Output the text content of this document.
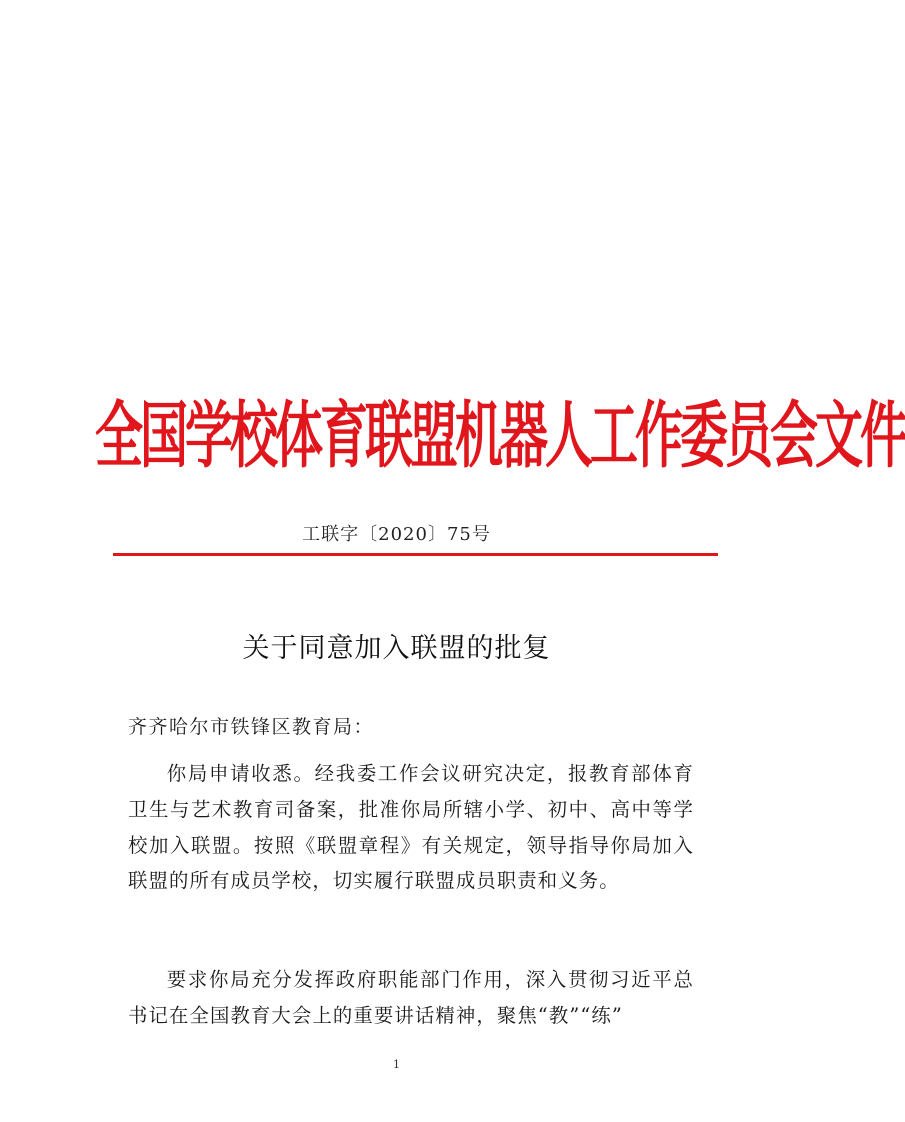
全国学校体育联盟机器人工作委员会文件
工联字〔2020〕75号
关于同意加入联盟的批复
齐齐哈尔市铁锋区教育局：

你局申请收悉。经我委工作会议研究决定，报教育部体育卫生与艺术教育司备案，批准你局所辖小学、初中、高中等学校加入联盟。按照《联盟章程》有关规定，领导指导你局加入联盟的所有成员学校，切实履行联盟成员职责和义务。

要求你局充分发挥政府职能部门作用，深入贯彻习近平总书记在全国教育大会上的重要讲话精神，聚焦“教”“练”

1
